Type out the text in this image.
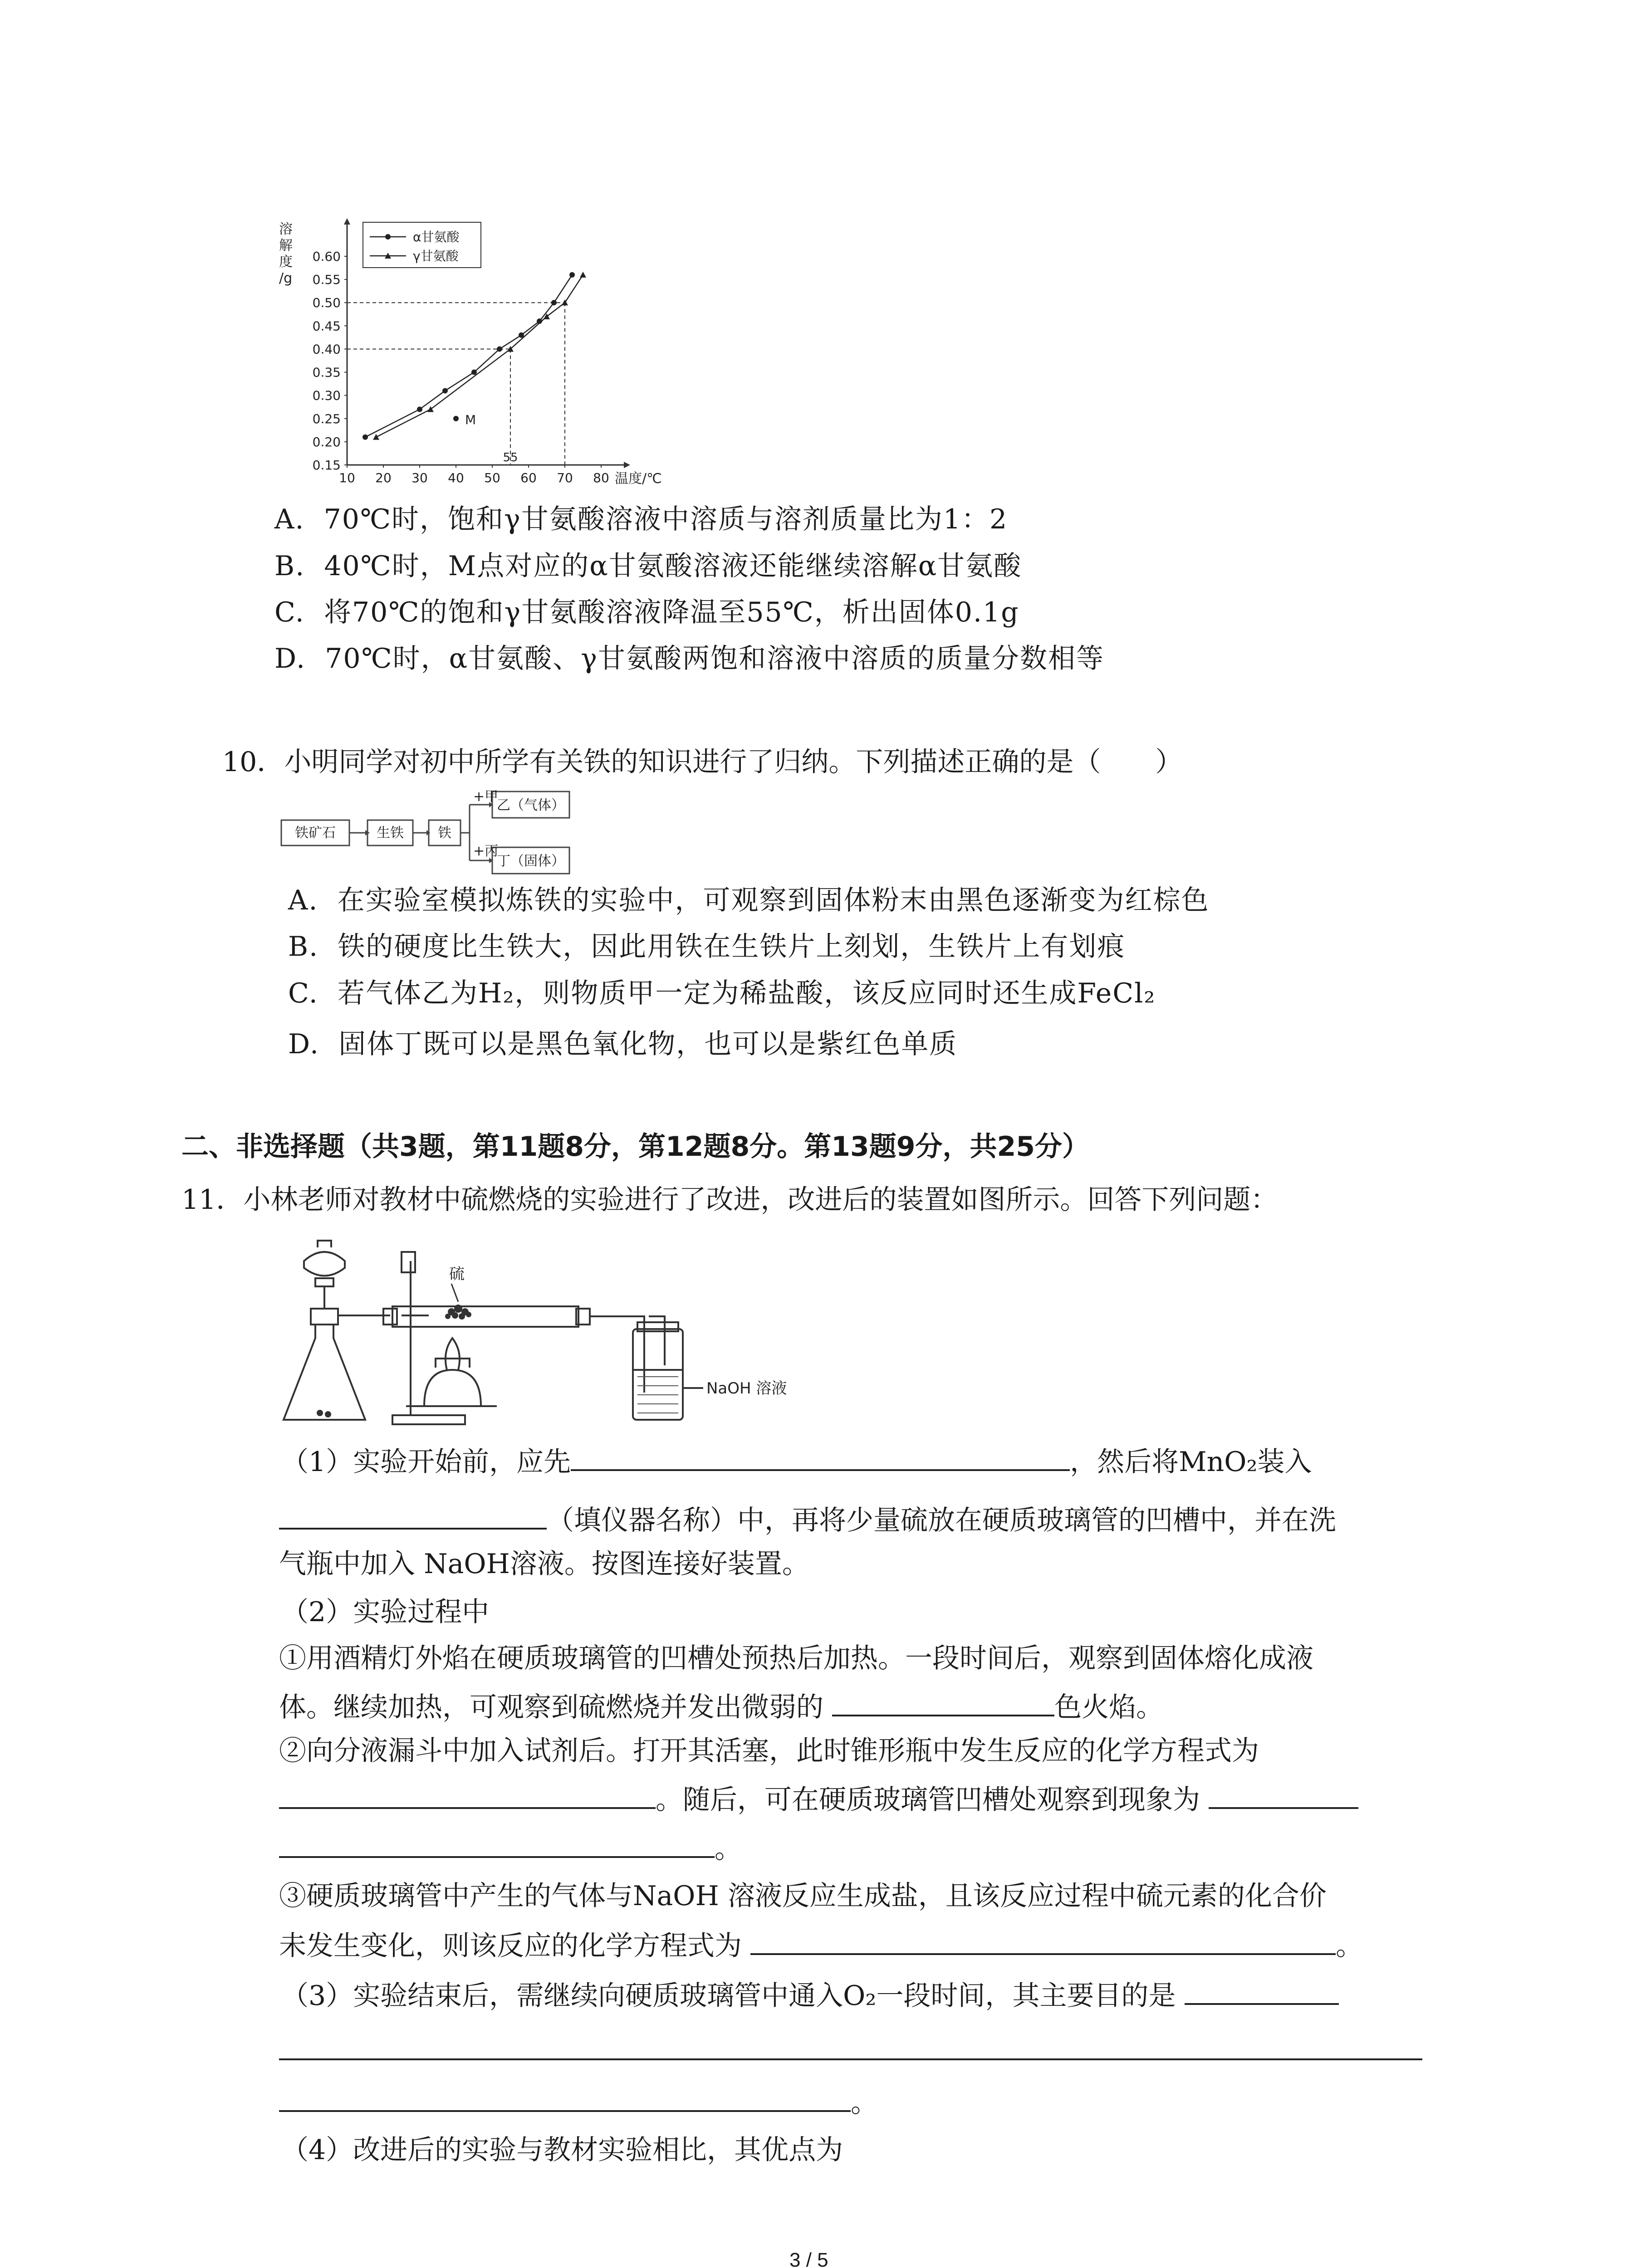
10 20 30 40 50 60 70 80
0.15
0.20
0.25
0.30
0.35
0.40
0.45
0.50
0.55
0.60
55
温度/℃
溶
解
度
/g
M
α甘氨酸
γ甘氨酸
A. 70℃时，饱和γ甘氨酸溶液中溶质与溶剂质量比为1：2
B. 40℃时，M点对应的α甘氨酸溶液还能继续溶解α甘氨酸
C. 将70℃的饱和γ甘氨酸溶液降温至55℃，析出固体0.1g
D. 70℃时，α甘氨酸、γ甘氨酸两饱和溶液中溶质的质量分数相等
10．小明同学对初中所学有关铁的知识进行了归纳。下列描述正确的是（　　）
铁矿石	生铁	铁
+甲
+丙
乙（气体）
丁（固体）
A. 在实验室模拟炼铁的实验中，可观察到固体粉末由黑色逐渐变为红棕色
B. 铁的硬度比生铁大，因此用铁在生铁片上刻划，生铁片上有划痕
C. 若气体乙为H₂，则物质甲一定为稀盐酸，该反应同时还生成FeCl₂
D. 固体丁既可以是黑色氧化物，也可以是紫红色单质
二、非选择题（共3题，第11题8分，第12题8分。第13题9分，共25分）
11．小林老师对教材中硫燃烧的实验进行了改进，改进后的装置如图所示。回答下列问题：
硫
NaOH 溶液
（1）实验开始前，应先	，然后将MnO₂装入
（填仪器名称）中，再将少量硫放在硬质玻璃管的凹槽中，并在洗
气瓶中加入 NaOH溶液。按图连接好装置。
（2）实验过程中
①用酒精灯外焰在硬质玻璃管的凹槽处预热后加热。一段时间后，观察到固体熔化成液
体。继续加热，可观察到硫燃烧并发出微弱的	色火焰。
②向分液漏斗中加入试剂后。打开其活塞，此时锥形瓶中发生反应的化学方程式为
。随后，可在硬质玻璃管凹槽处观察到现象为
。
③硬质玻璃管中产生的气体与NaOH 溶液反应生成盐，且该反应过程中硫元素的化合价
未发生变化，则该反应的化学方程式为	。
（3）实验结束后，需继续向硬质玻璃管中通入O₂一段时间，其主要目的是
。
（4）改进后的实验与教材实验相比，其优点为
3 / 5
